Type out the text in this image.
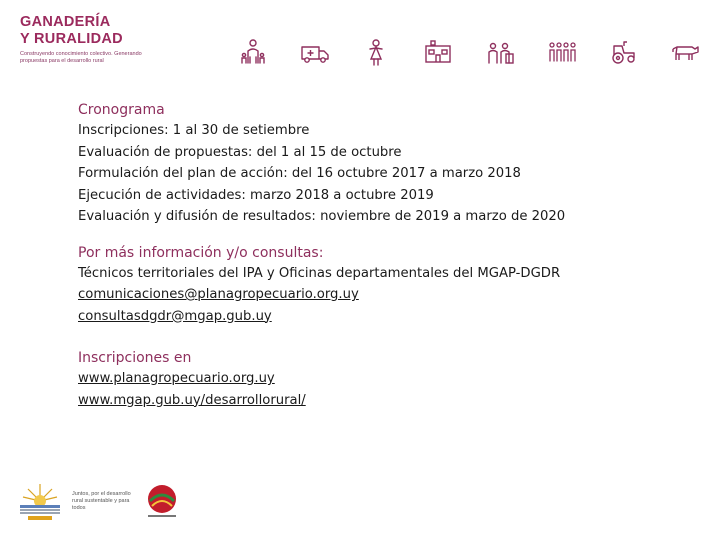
GANADERÍA
Y RURALIDAD
Construyendo conocimiento colectivo. Generando propuestas para el desarrollo rural
Cronograma
Inscripciones: 1 al 30 de setiembre
Evaluación de propuestas: del 1 al 15 de octubre
Formulación del plan de acción: del 16 octubre 2017 a marzo 2018
Ejecución de actividades: marzo 2018 a octubre 2019
Evaluación y difusión de resultados: noviembre de 2019 a marzo de 2020
Por más información y/o consultas:
Técnicos territoriales del IPA y Oficinas departamentales del MGAP-DGDR
comunicaciones@planagropecuario.org.uy
consultasdgdr@mgap.gub.uy
Inscripciones en
www.planagropecuario.org.uy
www.mgap.gub.uy/desarrollorural/
Juntos, por el desarrollo rural sustentable y para todos
